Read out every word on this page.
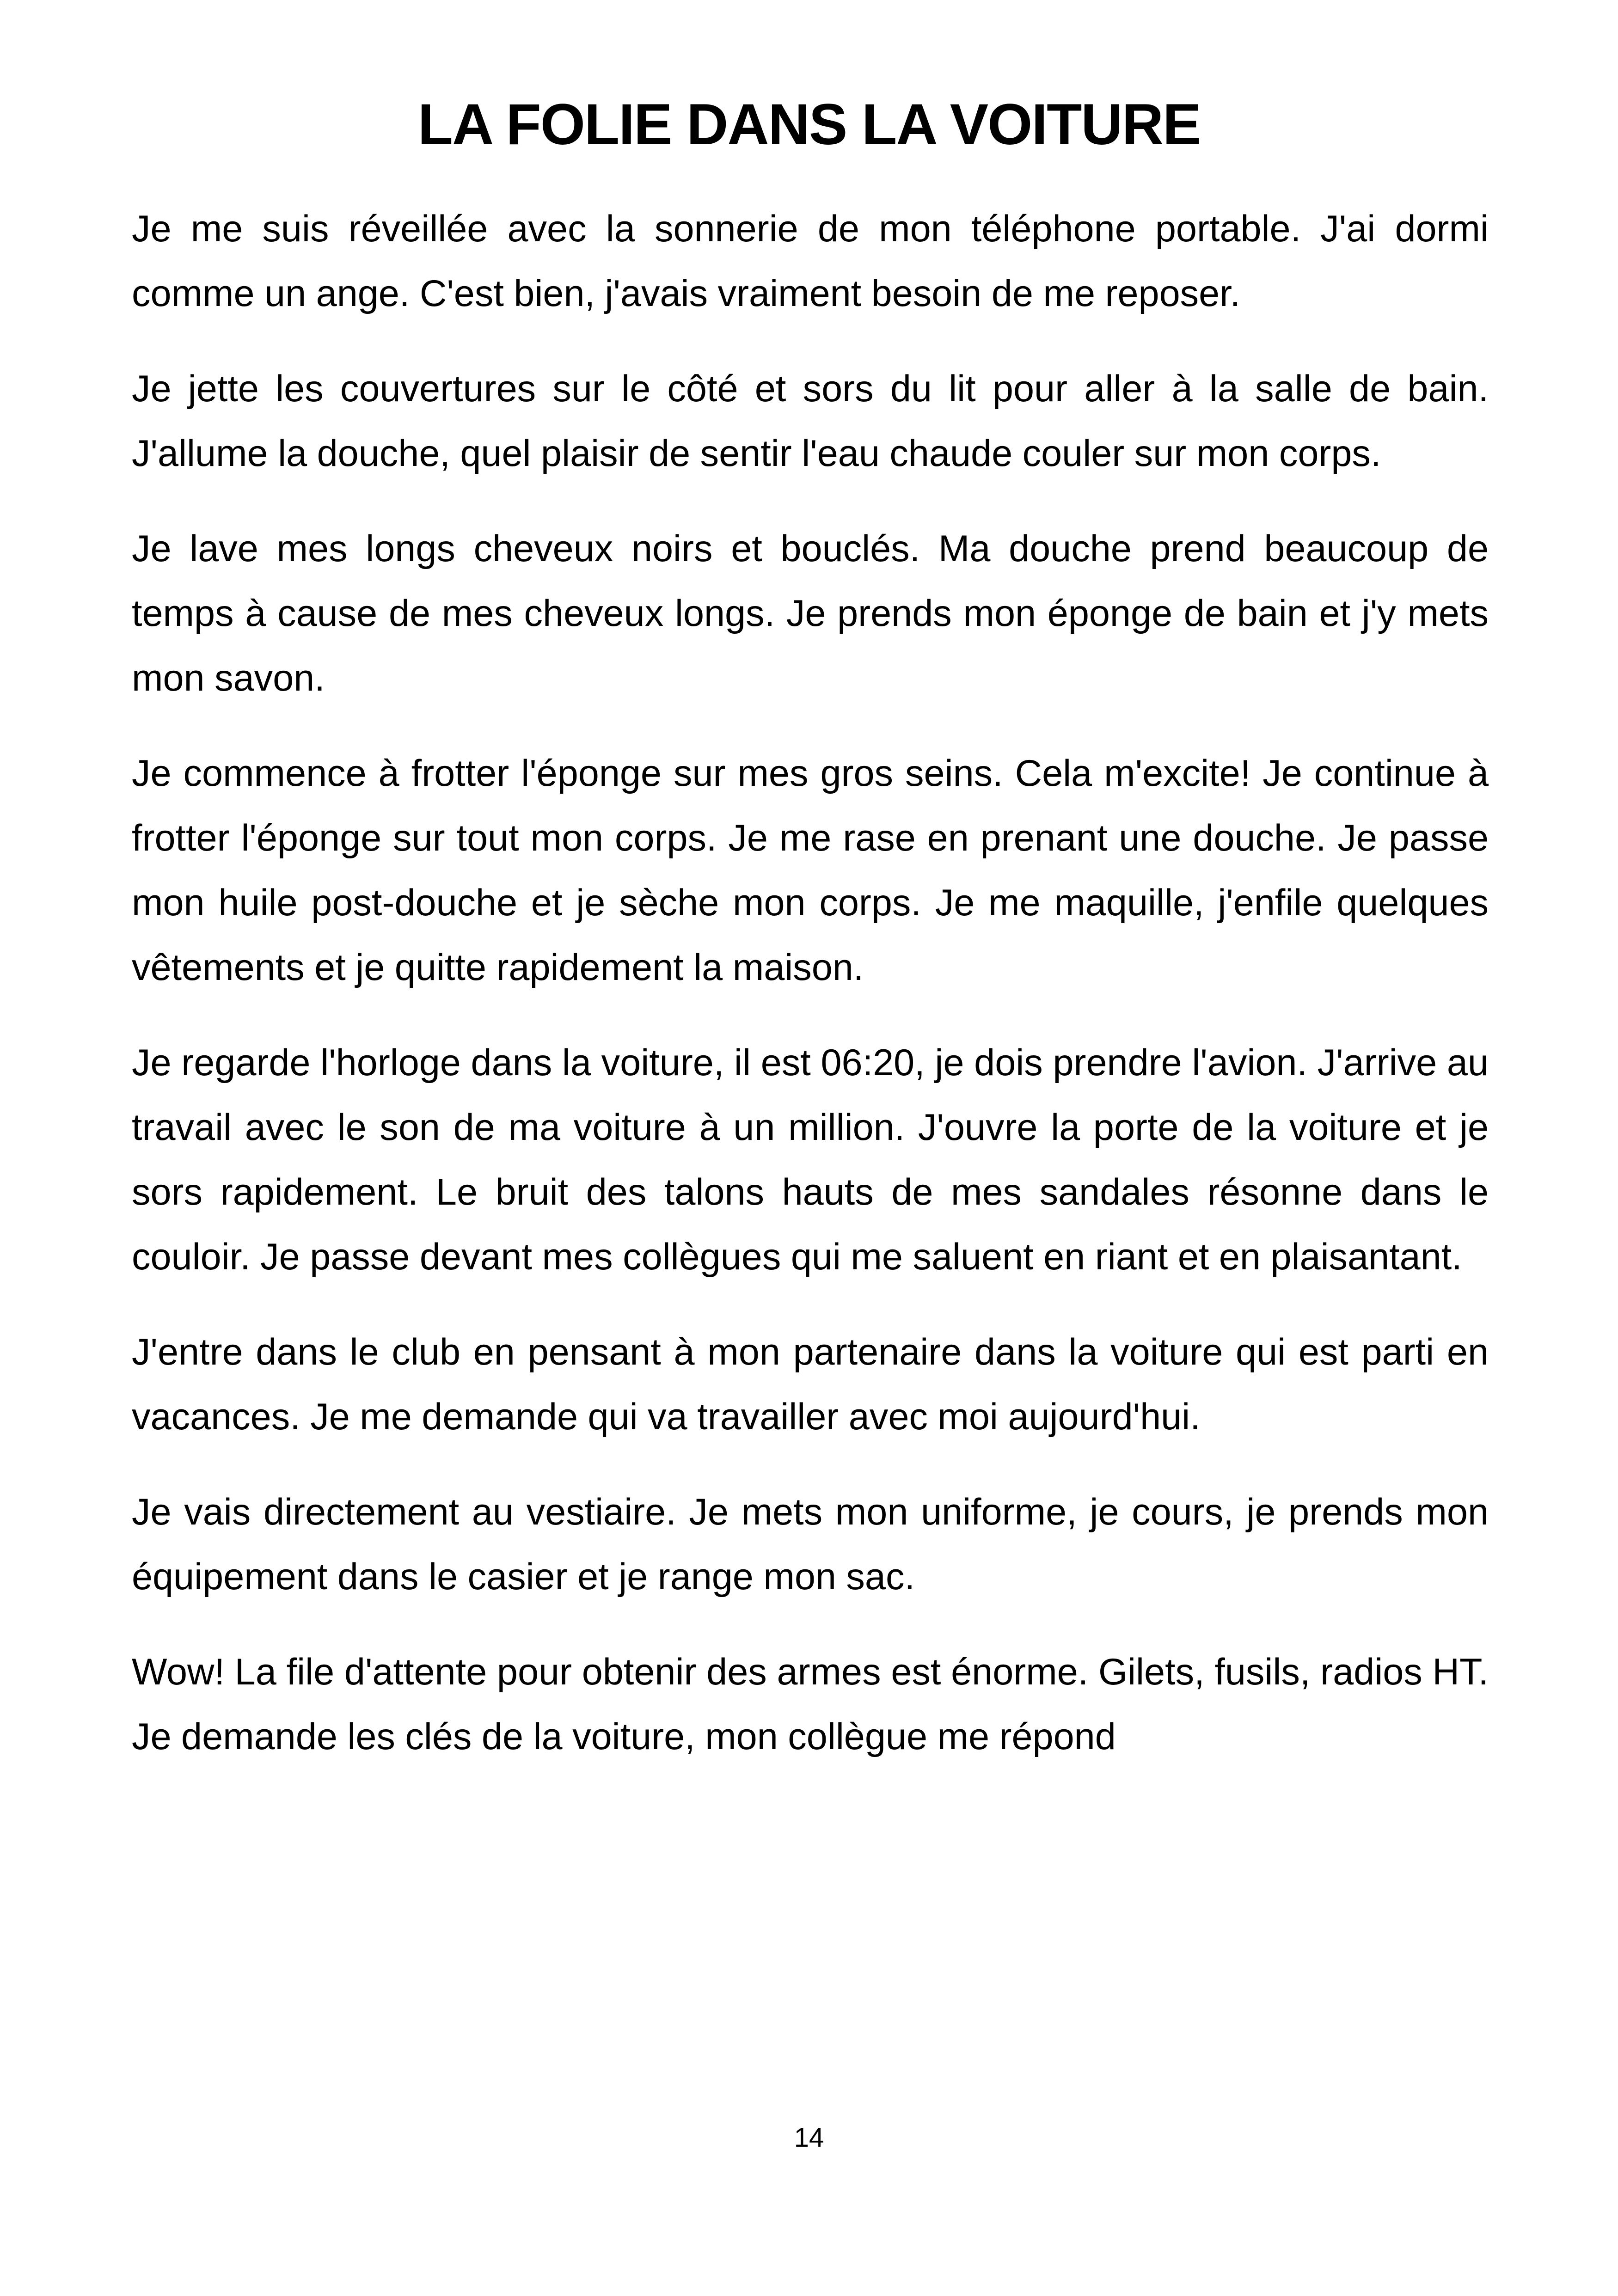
LA FOLIE DANS LA VOITURE

Je me suis réveillée avec la sonnerie de mon téléphone portable. J'ai dormi comme un ange. C'est bien, j'avais vraiment besoin de me reposer.

Je jette les couvertures sur le côté et sors du lit pour aller à la salle de bain. J'allume la douche, quel plaisir de sentir l'eau chaude couler sur mon corps.

Je lave mes longs cheveux noirs et bouclés. Ma douche prend beaucoup de temps à cause de mes cheveux longs. Je prends mon éponge de bain et j'y mets mon savon.

Je commence à frotter l'éponge sur mes gros seins. Cela m'excite! Je continue à frotter l'éponge sur tout mon corps. Je me rase en prenant une douche. Je passe mon huile post-douche et je sèche mon corps. Je me maquille, j'enfile quelques vêtements et je quitte rapidement la maison.

Je regarde l'horloge dans la voiture, il est 06:20, je dois prendre l'avion. J'arrive au travail avec le son de ma voiture à un million. J'ouvre la porte de la voiture et je sors rapidement. Le bruit des talons hauts de mes sandales résonne dans le couloir. Je passe devant mes collègues qui me saluent en riant et en plaisantant.

J'entre dans le club en pensant à mon partenaire dans la voiture qui est parti en vacances. Je me demande qui va travailler avec moi aujourd'hui.

Je vais directement au vestiaire. Je mets mon uniforme, je cours, je prends mon équipement dans le casier et je range mon sac.

Wow! La file d'attente pour obtenir des armes est énorme. Gilets, fusils, radios HT. Je demande les clés de la voiture, mon collègue me répond

14
